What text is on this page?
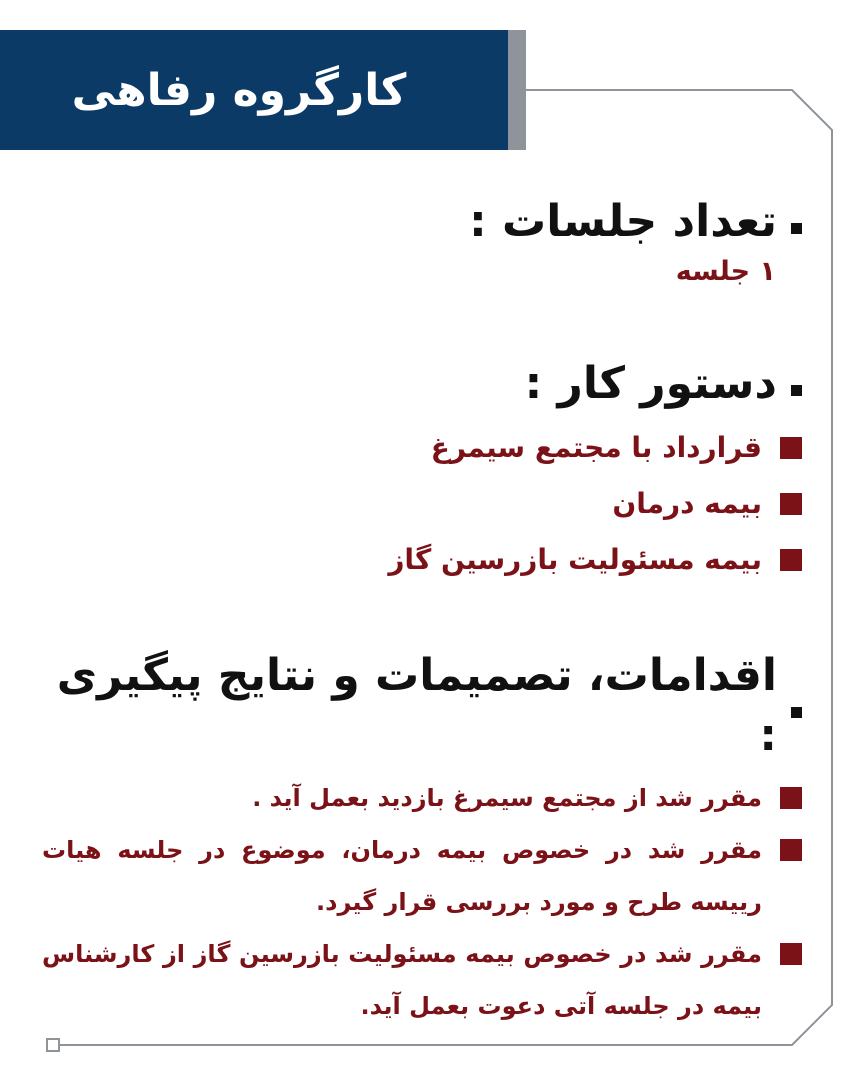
کارگروه رفاهی
تعداد جلسات :

۱ جلسه

دستور کار :
قرارداد با مجتمع سیمرغ
بیمه درمان
بیمه مسئولیت بازرسین گاز
اقدامات، تصمیمات و نتایج پیگیری :
مقرر شد از مجتمع سیمرغ بازدید بعمل آید .
مقرر شد در خصوص بیمه درمان، موضوع در جلسه هیات رییسه طرح و مورد بررسی قرار گیرد.
مقرر شد در خصوص بیمه مسئولیت بازرسین گاز از کارشناس بیمه در جلسه آتی دعوت بعمل آید.
